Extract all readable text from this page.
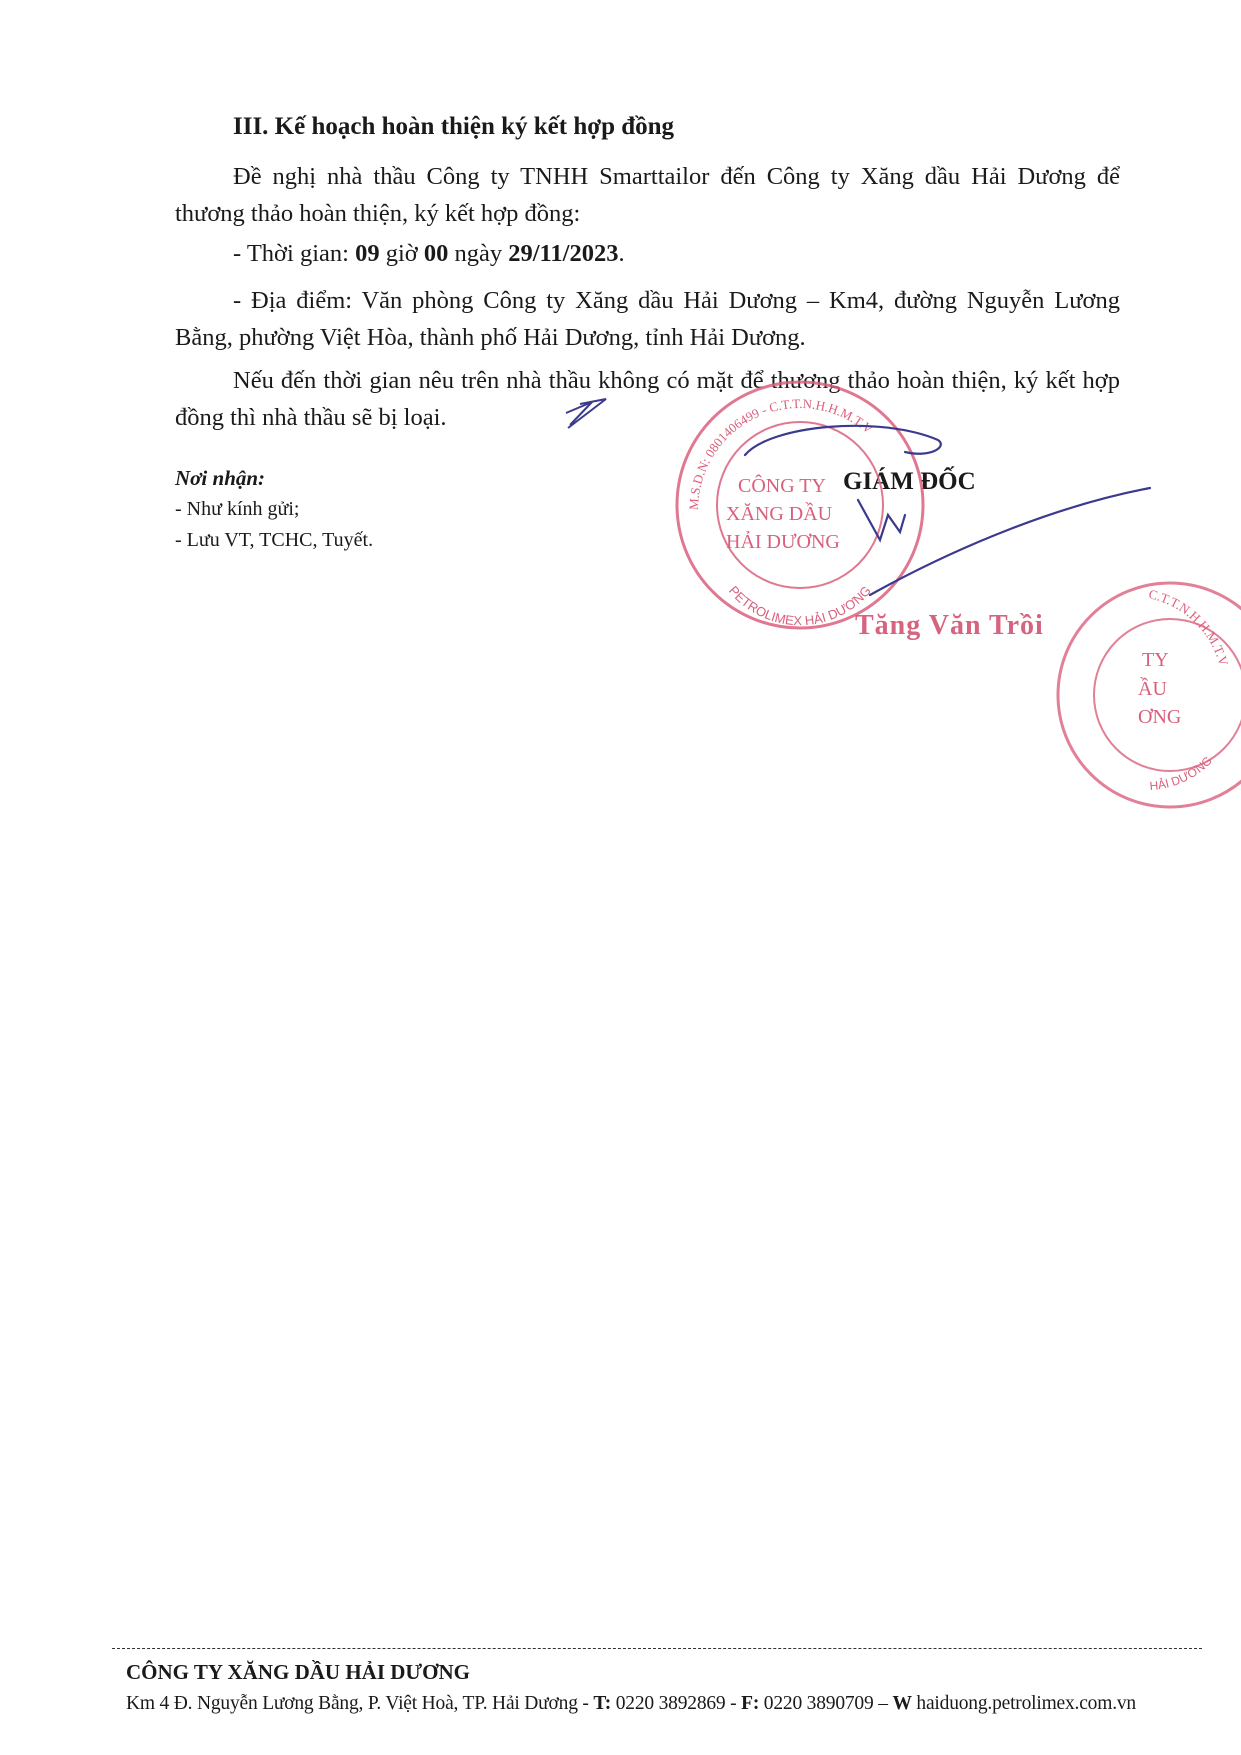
III. Kế hoạch hoàn thiện ký kết hợp đồng
Đề nghị nhà thầu Công ty TNHH Smarttailor đến Công ty Xăng dầu Hải Dương để thương thảo hoàn thiện, ký kết hợp đồng:
- Thời gian: 09 giờ 00 ngày 29/11/2023.
- Địa điểm: Văn phòng Công ty Xăng dầu Hải Dương – Km4, đường Nguyễn Lương Bằng, phường Việt Hòa, thành phố Hải Dương, tỉnh Hải Dương.
Nếu đến thời gian nêu trên nhà thầu không có mặt để thương thảo hoàn thiện, ký kết hợp đồng thì nhà thầu sẽ bị loại.
Nơi nhận:
- Như kính gửi;
- Lưu VT, TCHC, Tuyết.
GIÁM ĐỐC
Tăng Văn Trồi
M.S.D.N: 0801406499 - C.T.T.N.H.H.M.T.V
PETROLIMEX HẢI DƯƠNG
CÔNG TY
XĂNG DẦU
HẢI DƯƠNG
C.T.T.N.H.H.M.T.V
HẢI DƯƠNG
TY
ẦU
ƠNG
CÔNG TY XĂNG DẦU HẢI DƯƠNG
Km 4 Đ. Nguyễn Lương Bằng, P. Việt Hoà, TP. Hải Dương - T: 0220 3892869 - F: 0220 3890709 – W haiduong.petrolimex.com.vn
